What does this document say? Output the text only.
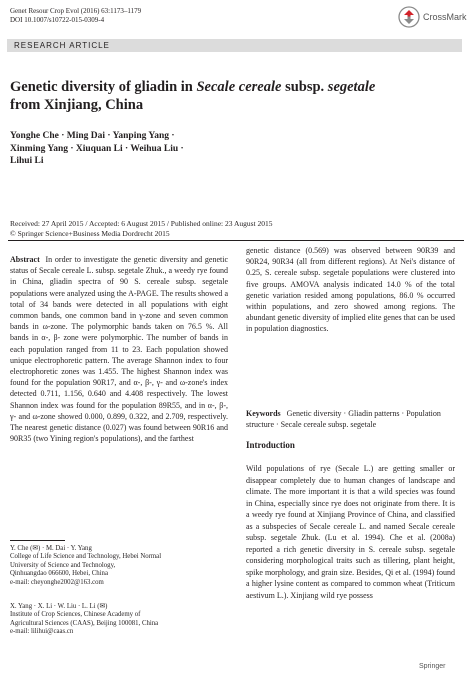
Genet Resour Crop Evol (2016) 63:1173–1179
DOI 10.1007/s10722-015-0309-4	CrossMark
RESEARCH ARTICLE
Genetic diversity of gliadin in Secale cereale subsp. segetale
from Xinjiang, China
Yonghe Che · Ming Dai · Yanping Yang ·
Xinming Yang · Xiuquan Li · Weihua Liu ·
Lihui Li
Received: 27 April 2015 / Accepted: 6 August 2015 / Published online: 23 August 2015
© Springer Science+Business Media Dordrecht 2015
Abstract In order to investigate the genetic diversity and genetic status of Secale cereale L. subsp. segetale Zhuk., a weedy rye found in China, gliadin spectra of 90 S. cereale subsp. segetale populations were analyzed using the A-PAGE. The results showed a total of 34 bands were detected in all populations with eight common bands, one common band in γ-zone and seven common bands in ω-zone. The polymorphic bands taken on 76.5 %. All bands in α-, β- zone were polymorphic. The number of bands in each population ranged from 11 to 23. Each population showed unique electrophoretic pattern. The average Shannon index to four electrophoretic zones was 1.455. The highest Shannon index was found for the population 90R17, and α-, β-, γ- and ω-zone's index detected 0.711, 1.156, 0.640 and 4.408 respectively. The lowest Shannon index was found for the population 89R55, and in α-, β-, γ- and ω-zone showed 0.000, 0.899, 0.322, and 2.709, respectively. The nearest genetic distance (0.027) was found between 90R16 and 90R35 (two Yining region's populations), and the farthest
genetic distance (0.569) was observed between 90R39 and 90R24, 90R34 (all from different regions). At Nei's distance of 0.25, S. cereale subsp. segetale populations were clustered into five groups. AMOVA analysis indicated 14.0 % of the total genetic variation resided among populations, 86.0 % occurred within populations, and zero showed among regions. The abundant genetic diversity of implied elite genes that can be used in population diagnostics.
Keywords Genetic diversity · Gliadin patterns · Population structure · Secale cereale subsp. segetale
Introduction
Wild populations of rye (Secale L.) are getting smaller or disappear completely due to human changes of landscape and climate. The more important it is that a wild species was found in China, especially since rye does not originate from there. It is a weedy rye found at Xinjiang Province of China, and classified as a subspecies of Secale cereale L. and named Secale cereale subsp. segetale Zhuk. (Lu et al. 1994). Che et al. (2008a) reported a rich genetic diversity in S. cereale subsp. segetale considering morphological traits such as tillering, plant height, spike morphology, and grain size. Besides, Qi et al. (1994) found a higher lysine content as compared to common wheat (Triticum aestivum L.). Xinjiang wild rye possess
Y. Che (✉) · M. Dai · Y. Yang
College of Life Science and Technology, Hebei Normal
University of Science and Technology,
Qinhuangdao 066600, Hebei, China
e-mail: cheyonghe2002@163.com
X. Yang · X. Li · W. Liu · L. Li (✉)
Institute of Crop Sciences, Chinese Academy of
Agricultural Sciences (CAAS), Beijing 100081, China
e-mail: lilihui@caas.cn
Springer
